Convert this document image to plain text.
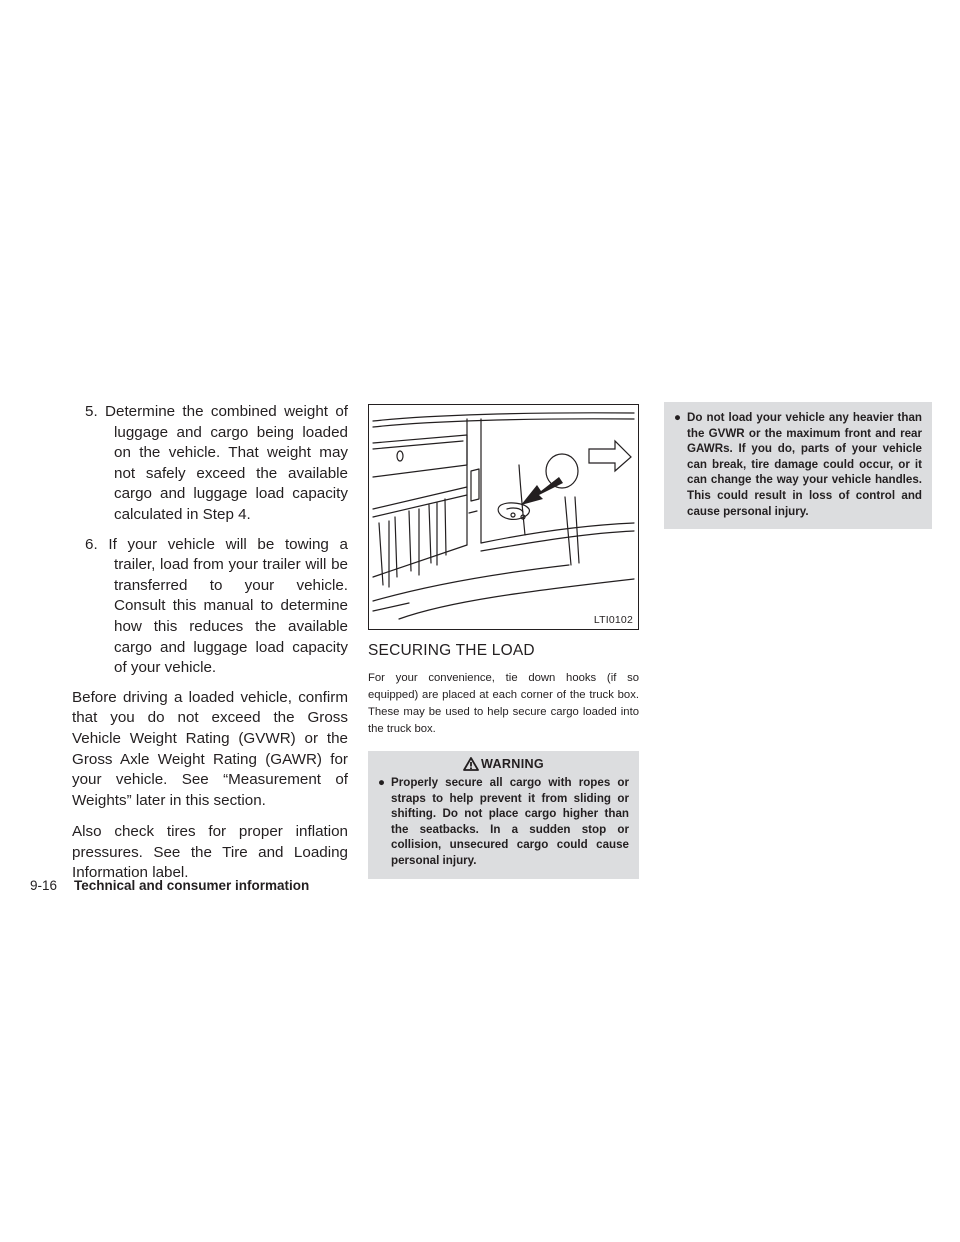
5. Determine the combined weight of luggage and cargo being loaded on the vehicle. That weight may not safely exceed the available cargo and luggage load capacity calculated in Step 4.

6. If your vehicle will be towing a trailer, load from your trailer will be transferred to your vehicle. Consult this manual to determine how this reduces the available cargo and luggage load capacity of your vehicle.

Before driving a loaded vehicle, confirm that you do not exceed the Gross Vehicle Weight Rating (GVWR) or the Gross Axle Weight Rating (GAWR) for your vehicle. See “Measurement of Weights” later in this section.

Also check tires for proper inflation pressures. See the Tire and Loading Information label.

LTI0102
SECURING THE LOAD

For your convenience, tie down hooks (if so equipped) are placed at each corner of the truck box. These may be used to help secure cargo loaded into the truck box.

WARNING
● Properly secure all cargo with ropes or straps to help prevent it from sliding or shifting. Do not place cargo higher than the seatbacks. In a sudden stop or collision, unsecured cargo could cause personal injury.
● Do not load your vehicle any heavier than the GVWR or the maximum front and rear GAWRs. If you do, parts of your vehicle can break, tire damage could occur, or it can change the way your vehicle handles. This could result in loss of control and cause personal injury.
9-16 Technical and consumer information
